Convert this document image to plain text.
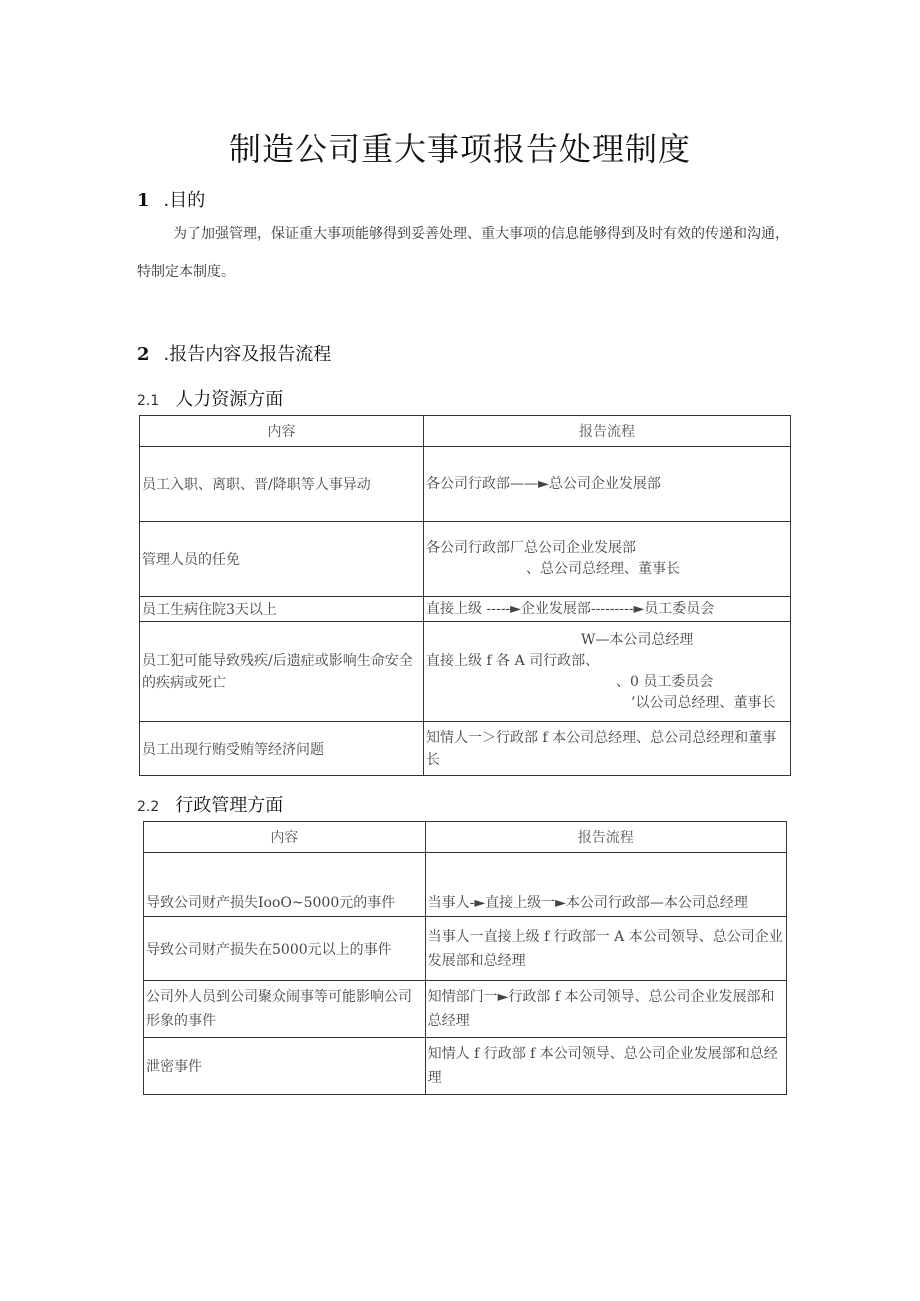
制造公司重大事项报告处理制度
1 .目的
为了加强管理，保证重大事项能够得到妥善处理、重大事项的信息能够得到及时有效的传递和沟通，特制定本制度。
2 .报告内容及报告流程
2.1 人力资源方面
内容	报告流程
员工入职、离职、晋/降职等人事异动	各公司行政部——►总公司企业发展部

管理人员的任免	各公司行政部厂总公司企业发展部
、总公司总经理、董事长

员工生病住院3天以上	直接上级 -----►企业发展部---------►员工委员会

员工犯可能导致残疾/后遗症或影响生命安全的疾病或死亡	W—本公司总经理
直接上级 f 各 A 司行政部、
、0 员工委员会
’以公司总经理、董事长

员工出现行贿受贿等经济问题	知情人一＞行政部 f 本公司总经理、总公司总经理和董事长
2.2 行政管理方面
内容	报告流程
导致公司财产损失IooO~5000元的事件	当事人-►直接上级一►本公司行政部—本公司总经理
导致公司财产损失在5000元以上的事件	当事人一直接上级 f 行政部一 A 本公司领导、总公司企业发展部和总经理
公司外人员到公司聚众闹事等可能影响公司形象的事件	知情部门一►行政部 f 本公司领导、总公司企业发展部和总经理
泄密事件	知情人 f 行政部 f 本公司领导、总公司企业发展部和总经理
